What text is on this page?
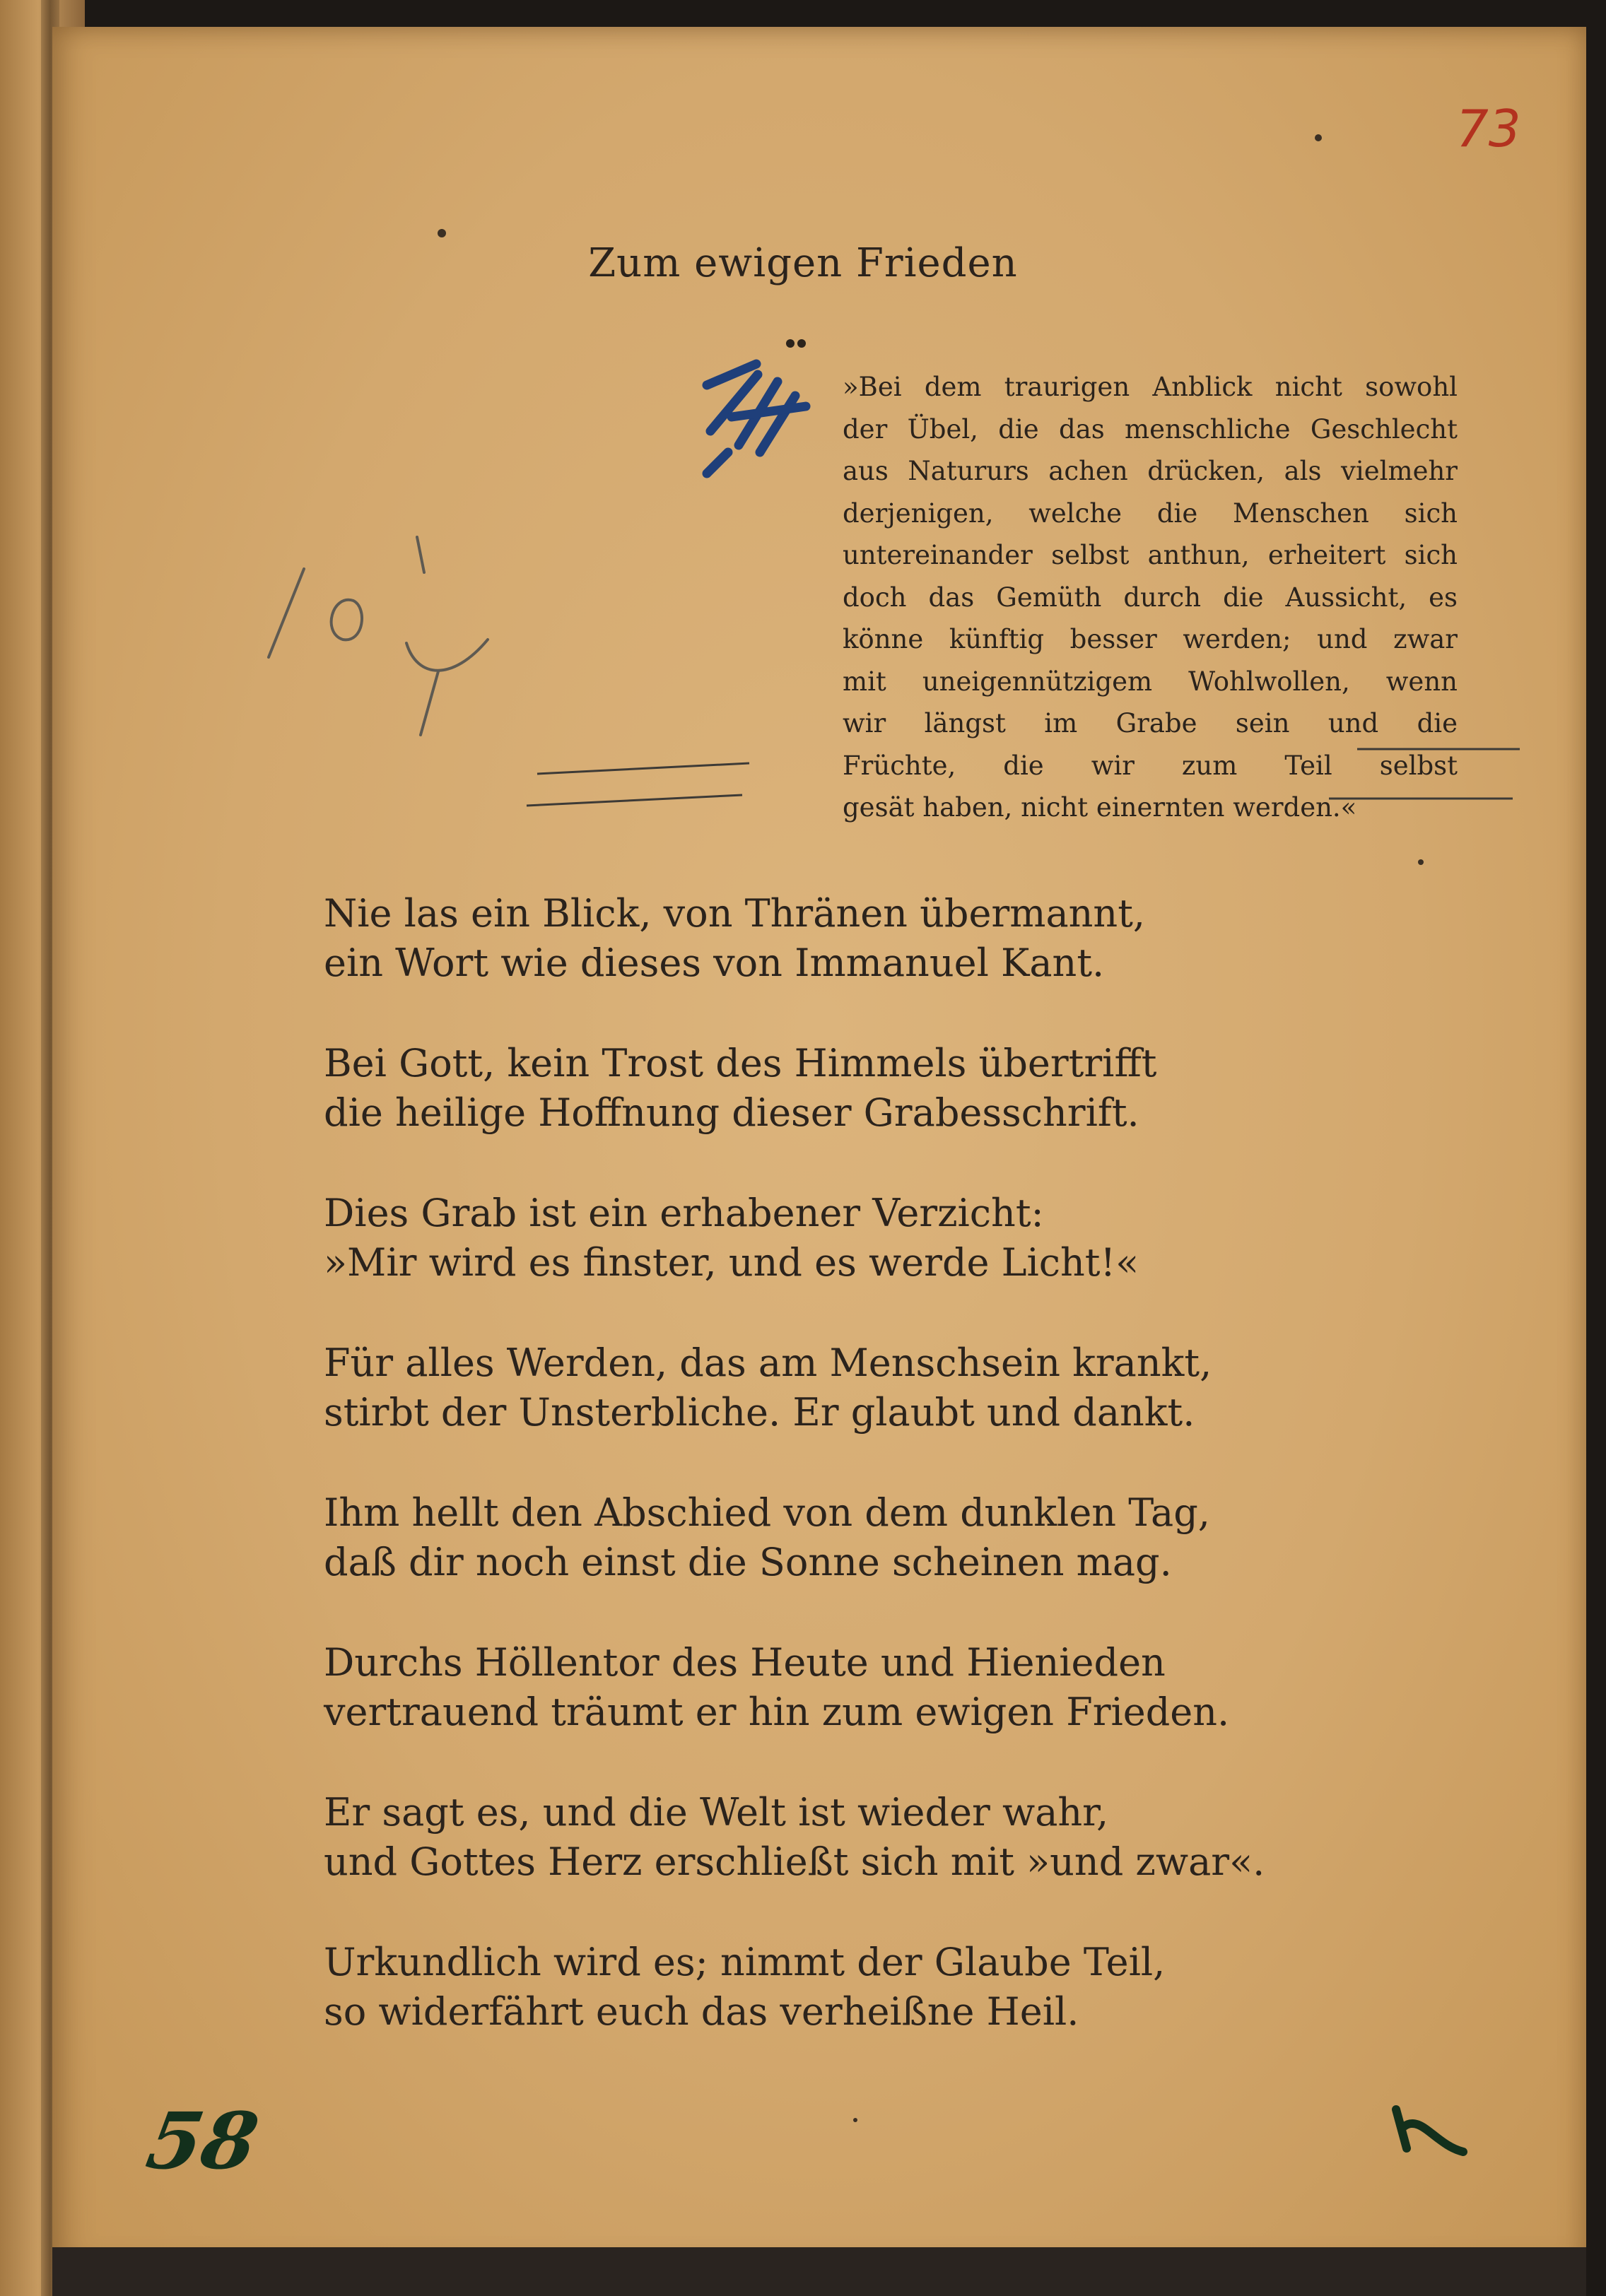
73
Zum ewigen Frieden
»Bei dem traurigen Anblick nicht sowohl
der Übel, die das menschliche Geschlecht
aus Natururs achen drücken, als vielmehr
derjenigen, welche die Menschen sich
untereinander selbst anthun, erheitert sich
doch das Gemüth durch die Aussicht, es
könne künftig besser werden; und zwar
mit uneigennützigem Wohlwollen, wenn
wir längst im Grabe sein und die
Früchte, die wir zum Teil selbst
gesät haben, nicht einernten werden.«
Nie las ein Blick, von Thränen übermannt,
ein Wort wie dieses von Immanuel Kant.
Bei Gott, kein Trost des Himmels übertrifft
die heilige Hoffnung dieser Grabesschrift.
Dies Grab ist ein erhabener Verzicht:
»Mir wird es finster, und es werde Licht!«
Für alles Werden, das am Menschsein krankt,
stirbt der Unsterbliche. Er glaubt und dankt.
Ihm hellt den Abschied von dem dunklen Tag,
daß dir noch einst die Sonne scheinen mag.
Durchs Höllentor des Heute und Hienieden
vertrauend träumt er hin zum ewigen Frieden.
Er sagt es, und die Welt ist wieder wahr,
und Gottes Herz erschließt sich mit »und zwar«.
Urkundlich wird es; nimmt der Glaube Teil,
so widerfährt euch das verheißne Heil.
58
